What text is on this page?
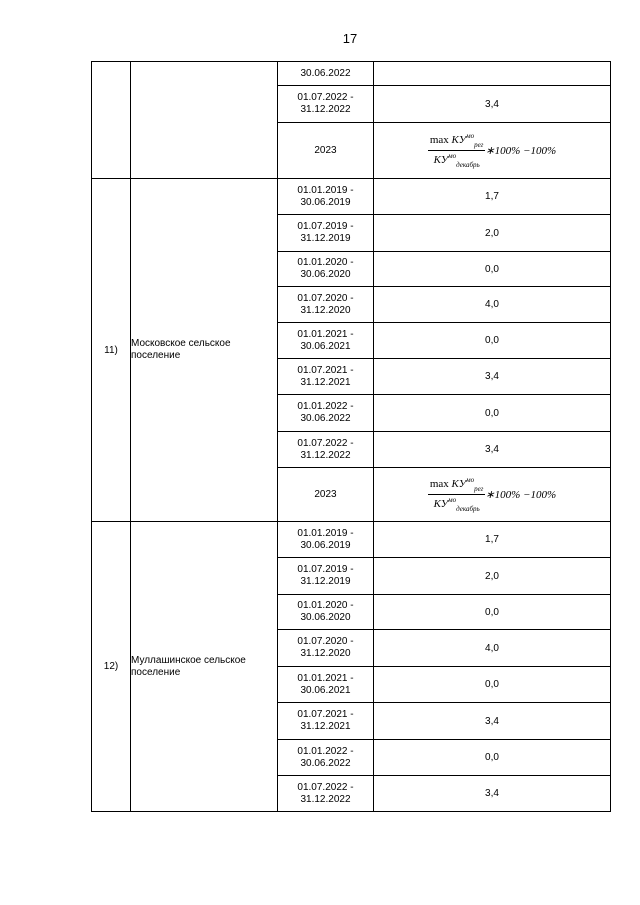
17
		30.06.2022	
		01.07.2022 -
31.12.2022	3,4
		2023	$\frac{\max КУ^{мо}_{рег}}{КУ^{мо}_{декабрь}}$ ∗100% −100%
11)	Московское сельское поселение	01.01.2019 -
30.06.2019	1,7
		01.07.2019 -
31.12.2019	2,0
		01.01.2020 -
30.06.2020	0,0
		01.07.2020 -
31.12.2020	4,0
		01.01.2021 -
30.06.2021	0,0
		01.07.2021 -
31.12.2021	3,4
		01.01.2022 -
30.06.2022	0,0
		01.07.2022 -
31.12.2022	3,4
		2023	$\frac{\max КУ^{мо}_{рег}}{КУ^{мо}_{декабрь}}$ ∗100% −100%
12)	Муллашинское сельское поселение	01.01.2019 -
30.06.2019	1,7
		01.07.2019 -
31.12.2019	2,0
		01.01.2020 -
30.06.2020	0,0
		01.07.2020 -
31.12.2020	4,0
		01.01.2021 -
30.06.2021	0,0
		01.07.2021 -
31.12.2021	3,4
		01.01.2022 -
30.06.2022	0,0
		01.07.2022 -
31.12.2022	3,4
